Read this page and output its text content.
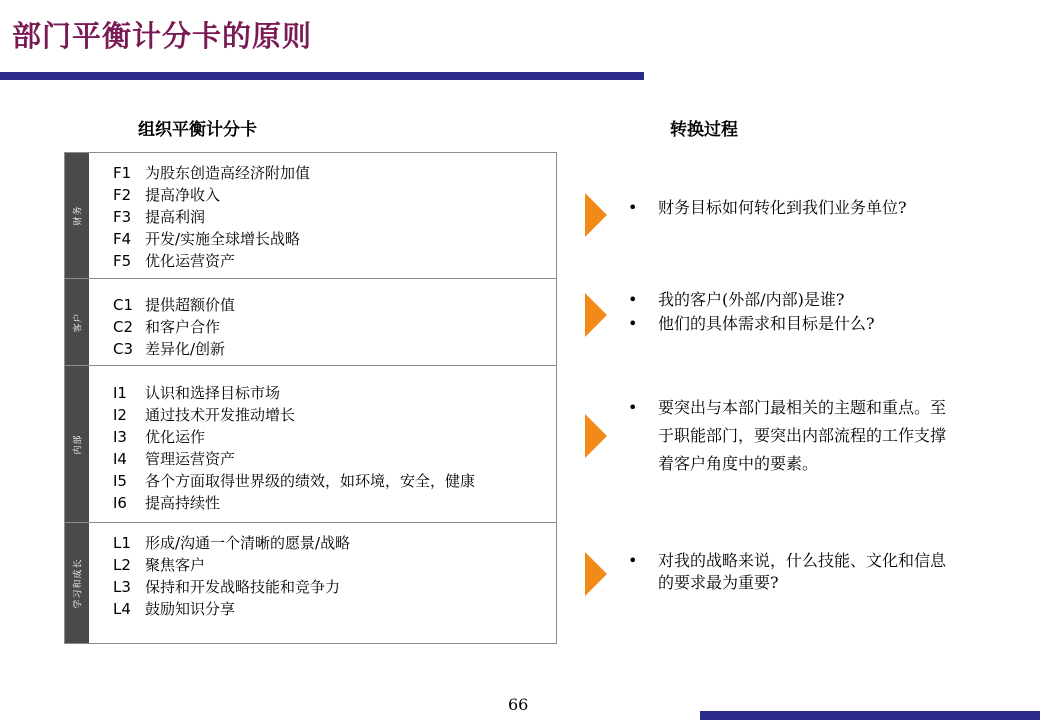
部门平衡计分卡的原则
组织平衡计分卡	转换过程
财务
F1 为股东创造高经济附加值
F2 提高净收入
F3 提高利润
F4 开发/实施全球增长战略
F5 优化运营资产
客户
C1 提供超额价值
C2 和客户合作
C3 差异化/创新
内部
I1 认识和选择目标市场
I2 通过技术开发推动增长
I3 优化运作
I4 管理运营资产
I5 各个方面取得世界级的绩效，如环境，安全，健康
I6 提高持续性
学习和成长
L1 形成/沟通一个清晰的愿景/战略
L2 聚焦客户
L3 保持和开发战略技能和竞争力
L4 鼓励知识分享
• 财务目标如何转化到我们业务单位?
• 我的客户(外部/内部)是谁?
• 他们的具体需求和目标是什么?
• 要突出与本部门最相关的主题和重点。至于职能部门，要突出内部流程的工作支撑着客户角度中的要素。
• 对我的战略来说，什么技能、文化和信息的要求最为重要?
66
